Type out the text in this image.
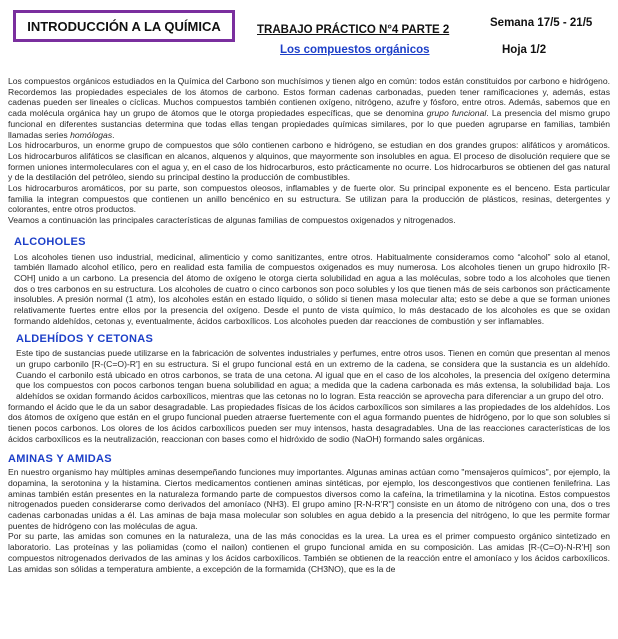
INTRODUCCIÓN A LA QUÍMICA	TRABAJO PRÁCTICO N°4 PARTE 2
Los compuestos orgánicos
Semana 17/5 - 21/5
Hoja 1/2

Los compuestos orgánicos estudiados en la Química del Carbono son muchísimos y tienen algo en común: todos están constituidos por carbono e hidrógeno. Recordemos las propiedades especiales de los átomos de carbono. Estos forman cadenas carbonadas, pueden tener ramificaciones y, además, estas cadenas pueden ser lineales o cíclicas. Muchos compuestos también contienen oxígeno, nitrógeno, azufre y fósforo, entre otros. Además, sabemos que en cada molécula orgánica hay un grupo de átomos que le otorga propiedades específicas, que se denomina grupo funcional. La presencia del mismo grupo funcional en diferentes sustancias determina que todas ellas tengan propiedades químicas similares, por lo que pueden agruparse en familias, también llamadas series homólogas.

Los hidrocarburos, un enorme grupo de compuestos que sólo contienen carbono e hidrógeno, se estudian en dos grandes grupos: alifáticos y aromáticos. Los hidrocarburos alifáticos se clasifican en alcanos, alquenos y alquinos, que mayormente son insolubles en agua. El proceso de disolución requiere que se formen uniones intermoleculares con el agua y, en el caso de los hidrocarburos, esto prácticamente no ocurre. Los hidrocarburos se obtienen del gas natural y de la destilación del petróleo, siendo su principal destino la producción de combustibles.

Los hidrocarburos aromáticos, por su parte, son compuestos oleosos, inflamables y de fuerte olor. Su principal exponente es el benceno. Esta particular familia la integran compuestos que contienen un anillo bencénico en su estructura. Se utilizan para la producción de plásticos, resinas, detergentes y colorantes, entre otros productos.

Veamos a continuación las principales características de algunas familias de compuestos oxigenados y nitrogenados.

ALCOHOLES

Los alcoholes tienen uso industrial, medicinal, alimenticio y como sanitizantes, entre otros. Habitualmente consideramos como “alcohol” solo al etanol, también llamado alcohol etílico, pero en realidad esta familia de compuestos oxigenados es muy numerosa. Los alcoholes tienen un grupo hidroxilo [R-COH] unido a un carbono. La presencia del átomo de oxígeno le otorga cierta solubilidad en agua a las moléculas, sobre todo a los alcoholes que tienen dos o tres carbonos en su estructura. Los alcoholes de cuatro o cinco carbonos son poco solubles y los que tienen más de seis carbonos son prácticamente insolubles. A presión normal (1 atm), los alcoholes están en estado líquido, o sólido si tienen masa molecular alta; esto se debe a que se forman uniones relativamente fuertes entre ellos por la presencia del oxígeno. Desde el punto de vista químico, lo más destacado de los alcoholes es que se oxidan formando aldehídos, cetonas y, eventualmente, ácidos carboxílicos. Los alcoholes pueden dar reacciones de combustión y ser inflamables.

ALDEHÍDOS Y CETONAS

Este tipo de sustancias puede utilizarse en la fabricación de solventes industriales y perfumes, entre otros usos. Tienen en común que presentan al menos un grupo carbonilo [R-(C=O)-R'] en su estructura. Si el grupo funcional está en un extremo de la cadena, se considera que la sustancia es un aldehído. Cuando el carbonilo está ubicado en otros carbonos, se trata de una cetona. Al igual que en el caso de los alcoholes, la presencia del oxígeno determina que los compuestos con pocos carbonos tengan buena solubilidad en agua; a medida que la cadena carbonada es más extensa, la solubilidad baja. Los aldehídos se oxidan formando ácidos carboxílicos, mientras que las cetonas no lo logran. Esta reacción se aprovecha para diferenciar a un grupo del otro.

formando el ácido que le da un sabor desagradable. Las propiedades físicas de los ácidos carboxílicos son similares a las propiedades de los aldehídos. Los dos átomos de oxígeno que están en el grupo funcional pueden atraerse fuertemente con el agua formando puentes de hidrógeno, por lo que son solubles si tienen pocos carbonos. Los olores de los ácidos carboxílicos pueden ser muy intensos, hasta desagradables. Una de las reacciones características de los ácidos carboxílicos es la neutralización, reaccionan con bases como el hidróxido de sodio (NaOH) formando sales orgánicas.

AMINAS Y AMIDAS

En nuestro organismo hay múltiples aminas desempeñando funciones muy importantes. Algunas aminas actúan como "mensajeros químicos", por ejemplo, la dopamina, la serotonina y la histamina. Ciertos medicamentos contienen aminas sintéticas, por ejemplo, los descongestivos que contienen fenilefrina. Las aminas también están presentes en la naturaleza formando parte de compuestos diversos como la cafeína, la trimetilamina y la nicotina. Estos compuestos nitrogenados pueden considerarse como derivados del amoníaco (NH3). El grupo amino [R-N-R'R"] consiste en un átomo de nitrógeno con una, dos o tres cadenas carbonadas unidas a él. Las aminas de baja masa molecular son solubles en agua debido a la presencia del nitrógeno, lo que les permite formar puentes de hidrógeno con las moléculas de agua.

Por su parte, las amidas son comunes en la naturaleza, una de las más conocidas es la urea. La urea es el primer compuesto orgánico sintetizado en laboratorio. Las proteínas y las poliamidas (como el nailon) contienen el grupo funcional amida en su composición. Las amidas [R-(C=O)-N-R'H] son compuestos nitrogenados derivados de las aminas y los ácidos carboxílicos. También se obtienen de la reacción entre el amoníaco y los ácidos carboxílicos. Las amidas son sólidas a temperatura ambiente, a excepción de la formamida (CH3NO), que es la de
